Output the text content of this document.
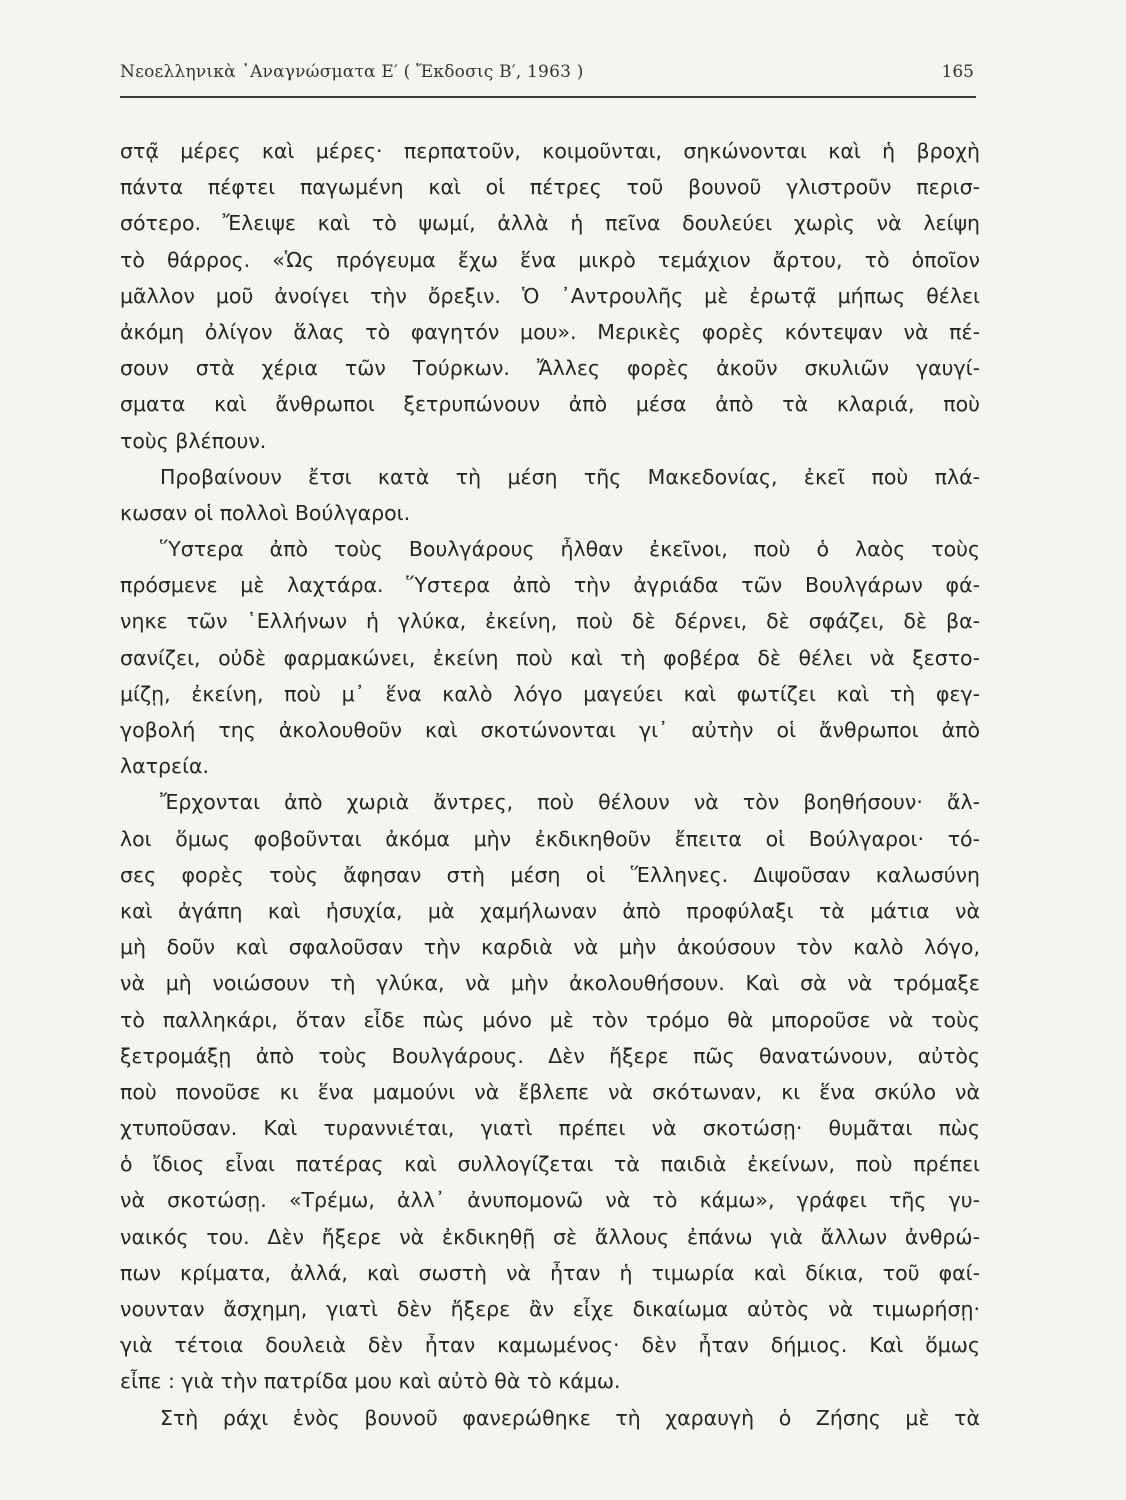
Νεοελληνικὰ ᾿Αναγνώσματα Ε′ ( Ἔκδοσις Β′, 1963 )	165
στᾳ̃ μέρες καὶ μέρες· περπατοῦν, κοιμοῦνται, σηκώνονται καὶ ἡ βροχὴ
πάντα πέφτει παγωμένη καὶ οἱ πέτρες τοῦ βουνοῦ γλιστροῦν περισ-
σότερο. Ἔλειψε καὶ τὸ ψωμί, ἀλλὰ ἡ πεῖνα δουλεύει χωρὶς νὰ λείψη
τὸ θάρρος. «Ὡς πρόγευμα ἔχω ἕνα μικρὸ τεμάχιον ἄρτου, τὸ ὁποῖον
μᾶλλον μοῦ ἀνοίγει τὴν ὄρεξιν. Ὁ ᾿Αντρουλῆς μὲ ἐρωτᾳ̃ μήπως θέλει
ἀκόμη ὀλίγον ἅλας τὸ φαγητόν μου». Μερικὲς φορὲς κόντεψαν νὰ πέ-
σουν στὰ χέρια τῶν Τούρκων. Ἄλλες φορὲς ἀκοῦν σκυλιῶν γαυγί-
σματα καὶ ἄνθρωποι ξετρυπώνουν ἀπὸ μέσα ἀπὸ τὰ κλαριά, ποὺ
τοὺς βλέπουν.
Προβαίνουν ἔτσι κατὰ τὴ μέση τῆς Μακεδονίας, ἐκεῖ ποὺ πλά-
κωσαν οἱ πολλοὶ Βούλγαροι.
Ὕστερα ἀπὸ τοὺς Βουλγάρους ἦλθαν ἐκεῖνοι, ποὺ ὁ λαὸς τοὺς
πρόσμενε μὲ λαχτάρα. Ὕστερα ἀπὸ τὴν ἀγριάδα τῶν Βουλγάρων φά-
νηκε τῶν ῾Ελλήνων ἡ γλύκα, ἐκείνη, ποὺ δὲ δέρνει, δὲ σφάζει, δὲ βα-
σανίζει, οὐδὲ φαρμακώνει, ἐκείνη ποὺ καὶ τὴ φοβέρα δὲ θέλει νὰ ξεστο-
μίζῃ, ἐκείνη, ποὺ μ᾿ ἕνα καλὸ λόγο μαγεύει καὶ φωτίζει καὶ τὴ φεγ-
γοβολή της ἀκολουθοῦν καὶ σκοτώνονται γι᾿ αὐτὴν οἱ ἄνθρωποι ἀπὸ
λατρεία.
Ἔρχονται ἀπὸ χωριὰ ἄντρες, ποὺ θέλουν νὰ τὸν βοηθήσουν· ἄλ-
λοι ὅμως φοβοῦνται ἀκόμα μὴν ἐκδικηθοῦν ἔπειτα οἱ Βούλγαροι· τό-
σες φορὲς τοὺς ἄφησαν στὴ μέση οἱ Ἕλληνες. Διψοῦσαν καλωσύνη
καὶ ἀγάπη καὶ ἡσυχία, μὰ χαμήλωναν ἀπὸ προφύλαξι τὰ μάτια νὰ
μὴ δοῦν καὶ σφαλοῦσαν τὴν καρδιὰ νὰ μὴν ἀκούσουν τὸν καλὸ λόγο,
νὰ μὴ νοιώσουν τὴ γλύκα, νὰ μὴν ἀκολουθήσουν. Καὶ σὰ νὰ τρόμαξε
τὸ παλληκάρι, ὅταν εἶδε πὼς μόνο μὲ τὸν τρόμο θὰ μποροῦσε νὰ τοὺς
ξετρομάξῃ ἀπὸ τοὺς Βουλγάρους. Δὲν ἤξερε πῶς θανατώνουν, αὐτὸς
ποὺ πονοῦσε κι ἕνα μαμούνι νὰ ἔβλεπε νὰ σκότωναν, κι ἕνα σκύλο νὰ
χτυποῦσαν. Καὶ τυραννιέται, γιατὶ πρέπει νὰ σκοτώσῃ· θυμᾶται πὼς
ὁ ἴδιος εἶναι πατέρας καὶ συλλογίζεται τὰ παιδιὰ ἐκείνων, ποὺ πρέπει
νὰ σκοτώσῃ. «Τρέμω, ἀλλ᾿ ἀνυπομονῶ νὰ τὸ κάμω», γράφει τῆς γυ-
ναικός του. Δὲν ἤξερε νὰ ἐκδικηθῇ σὲ ἄλλους ἐπάνω γιὰ ἄλλων ἀνθρώ-
πων κρίματα, ἀλλά, καὶ σωστὴ νὰ ἦταν ἡ τιμωρία καὶ δίκια, τοῦ φαί-
νουνταν ἄσχημη, γιατὶ δὲν ἤξερε ἂν εἶχε δικαίωμα αὐτὸς νὰ τιμωρήσῃ·
γιὰ τέτοια δουλειὰ δὲν ἦταν καμωμένος· δὲν ἦταν δήμιος. Καὶ ὅμως
εἶπε : γιὰ τὴν πατρίδα μου καὶ αὐτὸ θὰ τὸ κάμω.
Στὴ ράχι ἑνὸς βουνοῦ φανερώθηκε τὴ χαραυγὴ ὁ Ζήσης μὲ τὰ
